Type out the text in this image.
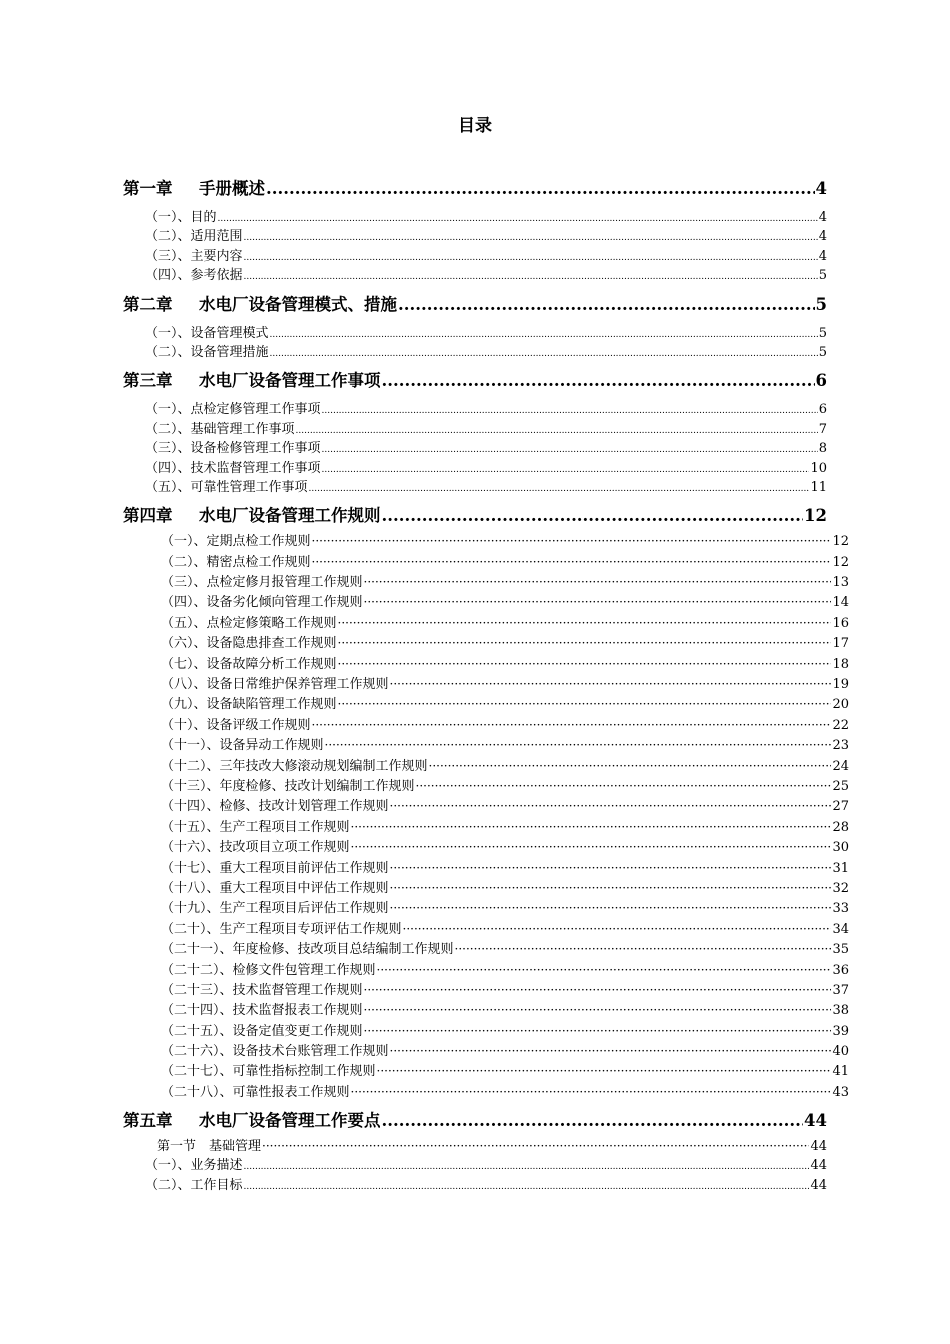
目录
第一章 手册概述 .....	4
（一）、目的 .....	4
（二）、适用范围 .....	4
（三）、主要内容 .....	4
（四）、参考依据 .....	5
第二章 水电厂设备管理模式、措施 .....	5
（一）、设备管理模式 .....	5
（二）、设备管理措施 .....	5
第三章 水电厂设备管理工作事项 .....	6
（一）、点检定修管理工作事项 .....	6
（二）、基础管理工作事项 .....	7
（三）、设备检修管理工作事项 .....	8
（四）、技术监督管理工作事项 .....	10
（五）、可靠性管理工作事项 .....	11
第四章 水电厂设备管理工作规则 .....	12
（一）、定期点检工作规则 ·····	12
（二）、精密点检工作规则 ·····	12
（三）、点检定修月报管理工作规则 ·····	13
（四）、设备劣化倾向管理工作规则 ·····	14
（五）、点检定修策略工作规则 ·····	16
（六）、设备隐患排查工作规则 ·····	17
（七）、设备故障分析工作规则 ·····	18
（八）、设备日常维护保养管理工作规则 ·····	19
（九）、设备缺陷管理工作规则 ·····	20
（十）、设备评级工作规则 ·····	22
（十一）、设备异动工作规则 ·····	23
（十二）、三年技改大修滚动规划编制工作规则 ·····	24
（十三）、年度检修、技改计划编制工作规则 ·····	25
（十四）、检修、技改计划管理工作规则 ·····	27
（十五）、生产工程项目工作规则 ·····	28
（十六）、技改项目立项工作规则 ·····	30
（十七）、重大工程项目前评估工作规则 ·····	31
（十八）、重大工程项目中评估工作规则 ·····	32
（十九）、生产工程项目后评估工作规则 ·····	33
（二十）、生产工程项目专项评估工作规则 ·····	34
（二十一）、年度检修、技改项目总结编制工作规则 ·····	35
（二十二）、检修文件包管理工作规则 ·····	36
（二十三）、技术监督管理工作规则 ·····	37
（二十四）、技术监督报表工作规则 ·····	38
（二十五）、设备定值变更工作规则 ·····	39
（二十六）、设备技术台账管理工作规则 ·····	40
（二十七）、可靠性指标控制工作规则 ·····	41
（二十八）、可靠性报表工作规则 ·····	43
第五章 水电厂设备管理工作要点 .....	44
第一节　基础管理 ·····	44
（一）、业务描述 .....	44
（二）、工作目标 .....	44
